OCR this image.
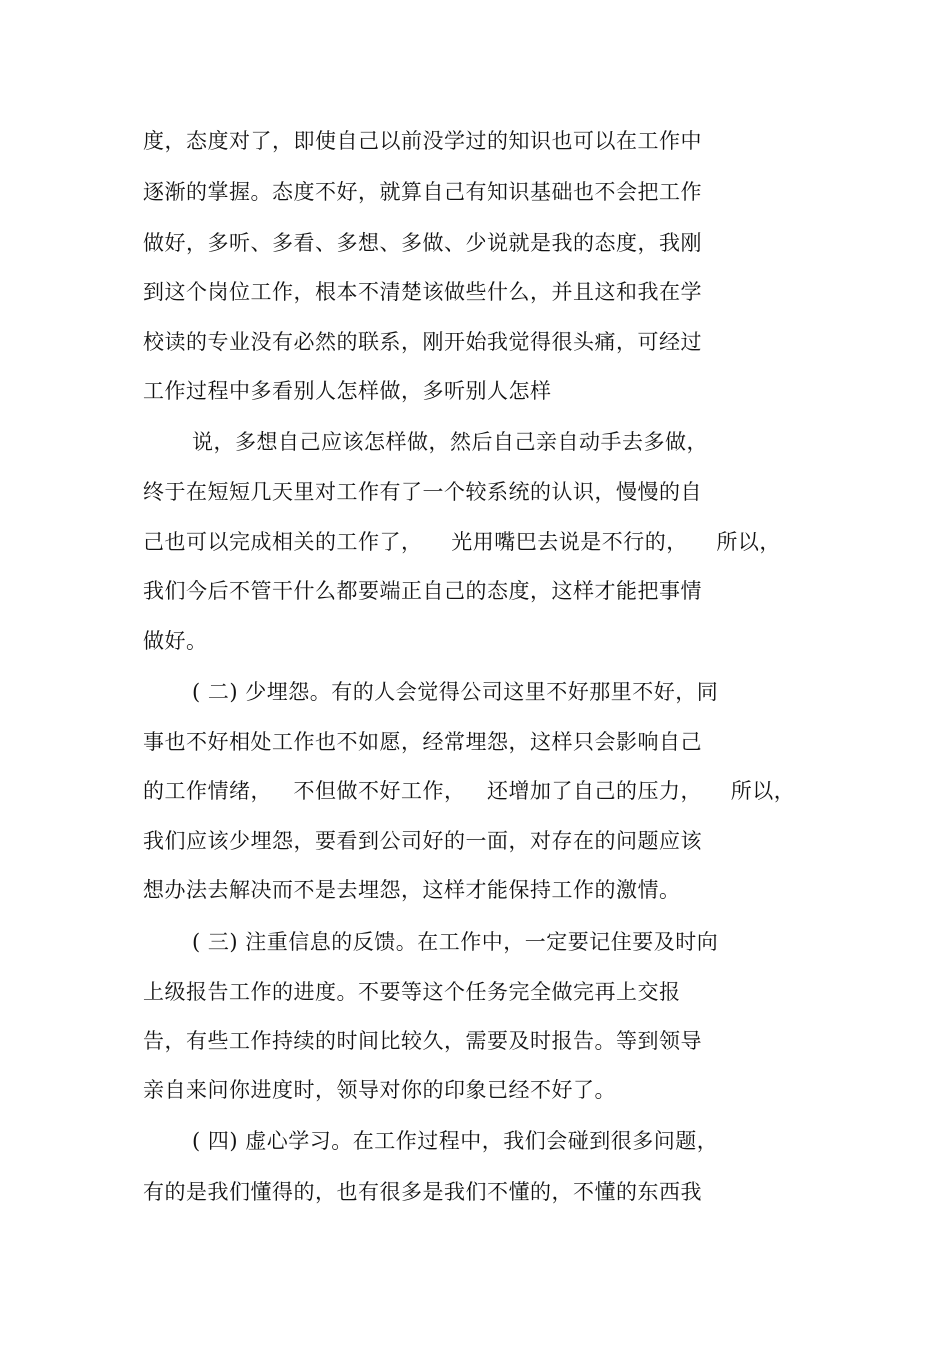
度，态度对了，即使自己以前没学过的知识也可以在工作中
逐渐的掌握。态度不好，就算自己有知识基础也不会把工作
做好，多听、多看、多想、多做、少说就是我的态度，我刚
到这个岗位工作，根本不清楚该做些什么，并且这和我在学
校读的专业没有必然的联系，刚开始我觉得很头痛，可经过
工作过程中多看别人怎样做，多听别人怎样
说，多想自己应该怎样做，然后自己亲自动手去多做，
终于在短短几天里对工作有了一个较系统的认识，慢慢的自
己也可以完成相关的工作了，    光用嘴巴去说是不行的，    所以，
我们今后不管干什么都要端正自己的态度，这样才能把事情
做好。
( 二) 少埋怨。有的人会觉得公司这里不好那里不好，同
事也不好相处工作也不如愿，经常埋怨，这样只会影响自己
的工作情绪，   不但做不好工作，   还增加了自己的压力，    所以，
我们应该少埋怨，要看到公司好的一面，对存在的问题应该
想办法去解决而不是去埋怨，这样才能保持工作的激情。
( 三) 注重信息的反馈。在工作中，一定要记住要及时向
上级报告工作的进度。不要等这个任务完全做完再上交报
告，有些工作持续的时间比较久，需要及时报告。等到领导
亲自来问你进度时，领导对你的印象已经不好了。
( 四) 虚心学习。在工作过程中，我们会碰到很多问题，
有的是我们懂得的，也有很多是我们不懂的，不懂的东西我
